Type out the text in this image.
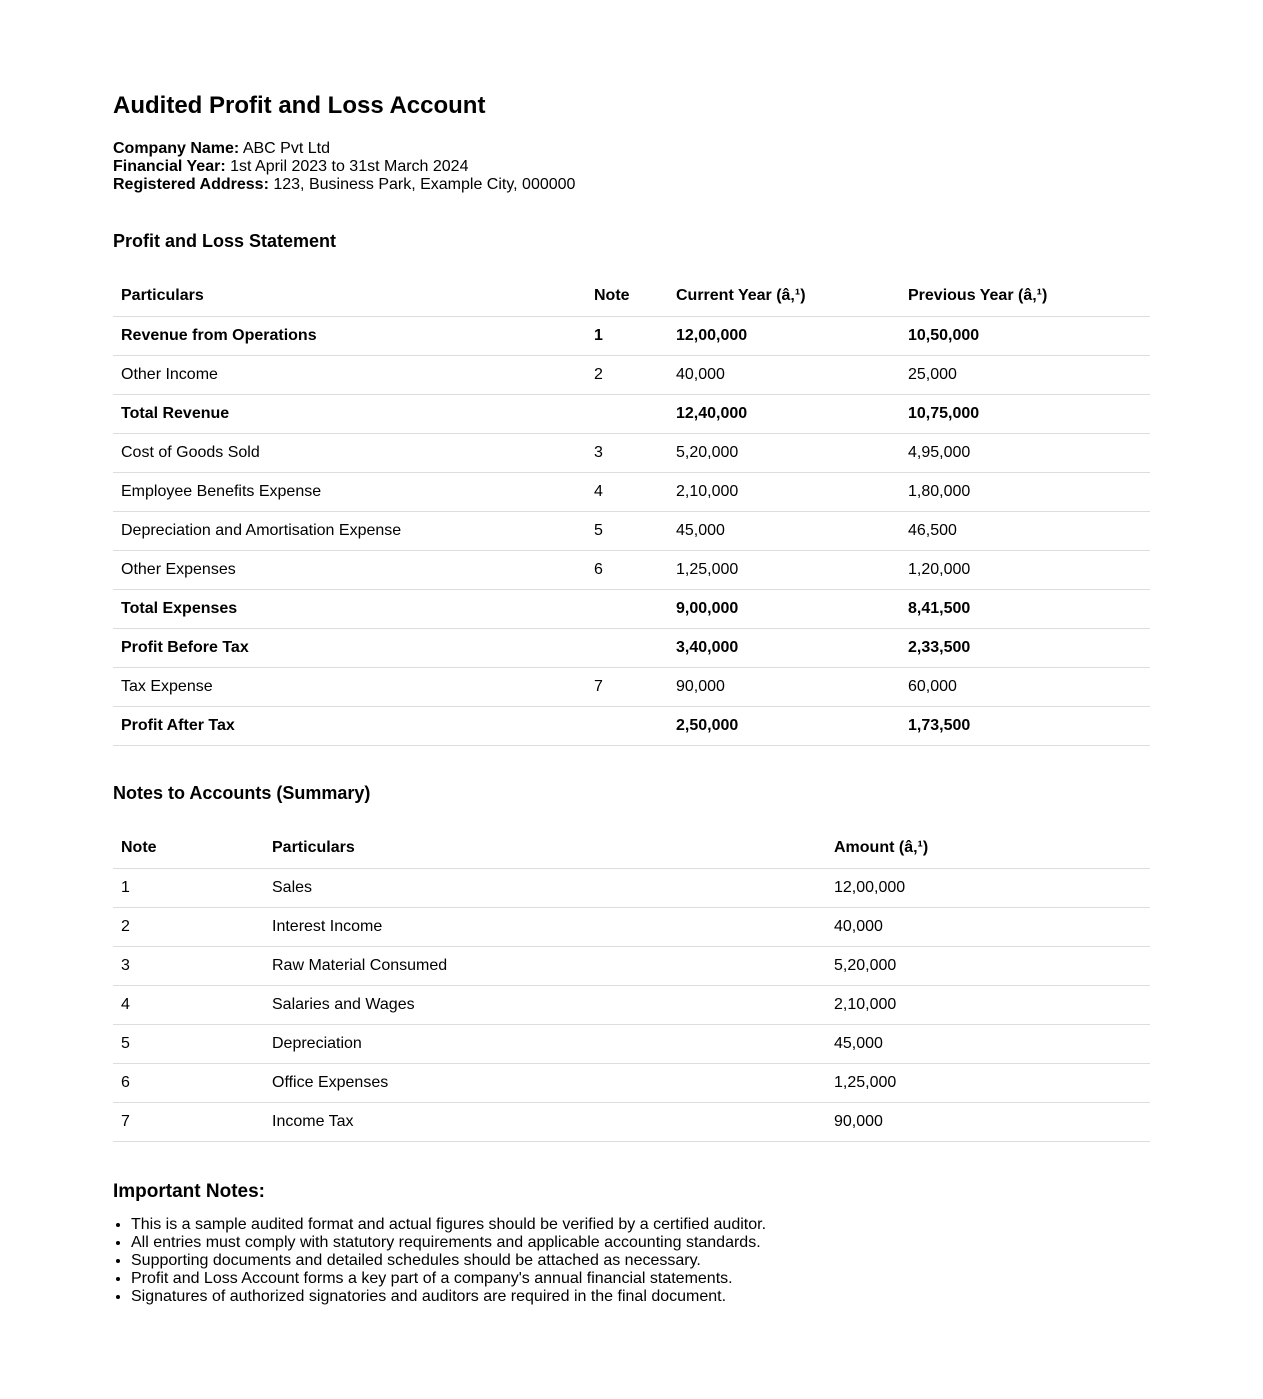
Audited Profit and Loss Account
Company Name: ABC Pvt Ltd
Financial Year: 1st April 2023 to 31st March 2024
Registered Address: 123, Business Park, Example City, 000000
Profit and Loss Statement
Particulars	Note	Current Year (â‚¹)	Previous Year (â‚¹)
Revenue from Operations	1	12,00,000	10,50,000
Other Income	2	40,000	25,000
Total Revenue		12,40,000	10,75,000
Cost of Goods Sold	3	5,20,000	4,95,000
Employee Benefits Expense	4	2,10,000	1,80,000
Depreciation and Amortisation Expense	5	45,000	46,500
Other Expenses	6	1,25,000	1,20,000
Total Expenses		9,00,000	8,41,500
Profit Before Tax		3,40,000	2,33,500
Tax Expense	7	90,000	60,000
Profit After Tax		2,50,000	1,73,500
Notes to Accounts (Summary)
Note	Particulars	Amount (â‚¹)
1	Sales	12,00,000
2	Interest Income	40,000
3	Raw Material Consumed	5,20,000
4	Salaries and Wages	2,10,000
5	Depreciation	45,000
6	Office Expenses	1,25,000
7	Income Tax	90,000
Important Notes:
• This is a sample audited format and actual figures should be verified by a certified auditor.
• All entries must comply with statutory requirements and applicable accounting standards.
• Supporting documents and detailed schedules should be attached as necessary.
• Profit and Loss Account forms a key part of a company's annual financial statements.
• Signatures of authorized signatories and auditors are required in the final document.
